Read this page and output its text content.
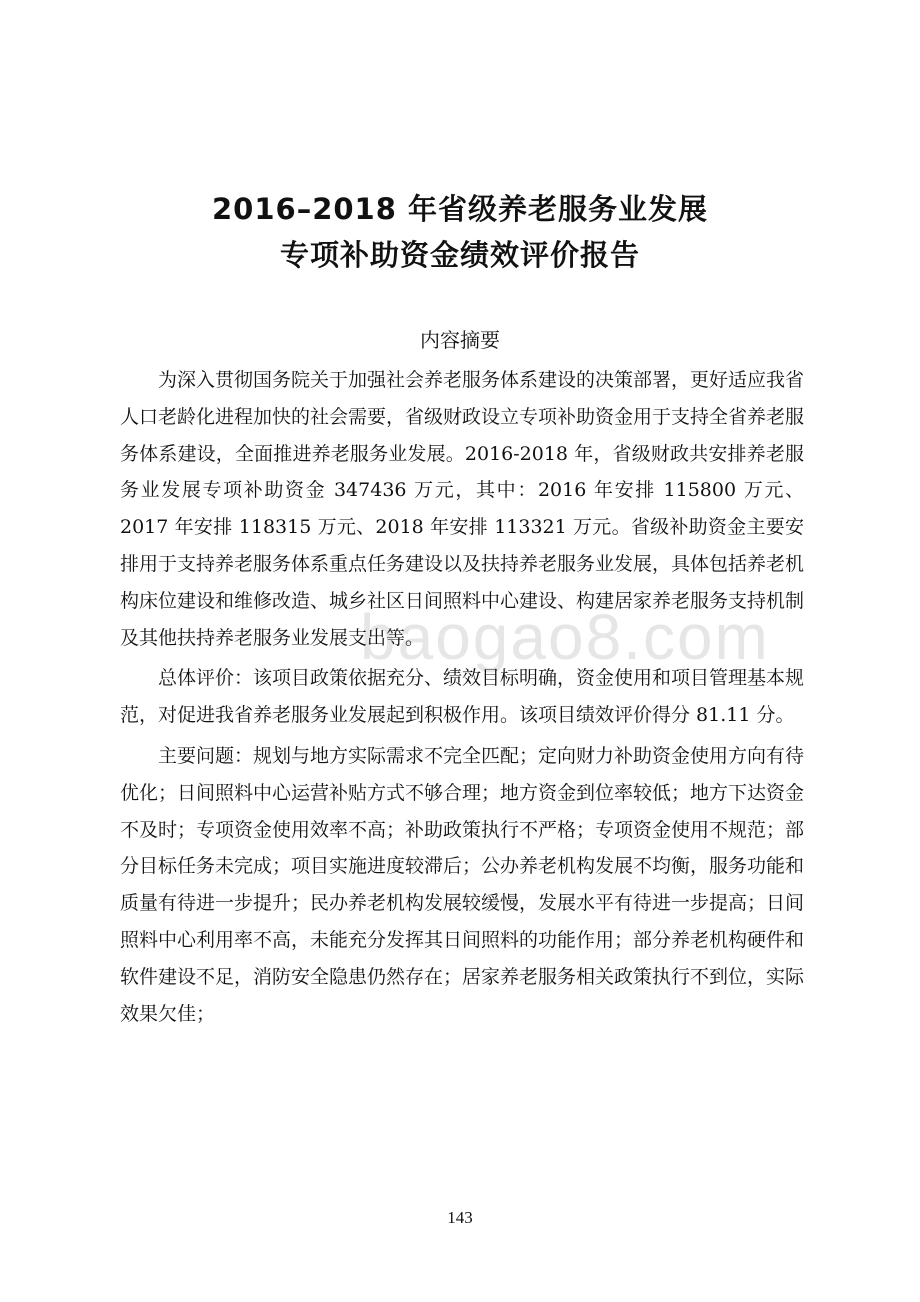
baogao8.com
2016–2018 年省级养老服务业发展
专项补助资金绩效评价报告
内容摘要

为深入贯彻国务院关于加强社会养老服务体系建设的决策部署，更好适应我省人口老龄化进程加快的社会需要，省级财政设立专项补助资金用于支持全省养老服务体系建设，全面推进养老服务业发展。2016-2018 年，省级财政共安排养老服务业发展专项补助资金 347436 万元，其中：2016 年安排 115800 万元、2017 年安排 118315 万元、2018 年安排 113321 万元。省级补助资金主要安排用于支持养老服务体系重点任务建设以及扶持养老服务业发展，具体包括养老机构床位建设和维修改造、城乡社区日间照料中心建设、构建居家养老服务支持机制及其他扶持养老服务业发展支出等。

总体评价：该项目政策依据充分、绩效目标明确，资金使用和项目管理基本规范，对促进我省养老服务业发展起到积极作用。该项目绩效评价得分 81.11 分。

主要问题：规划与地方实际需求不完全匹配；定向财力补助资金使用方向有待优化；日间照料中心运营补贴方式不够合理；地方资金到位率较低；地方下达资金不及时；专项资金使用效率不高；补助政策执行不严格；专项资金使用不规范；部分目标任务未完成；项目实施进度较滞后；公办养老机构发展不均衡，服务功能和质量有待进一步提升；民办养老机构发展较缓慢，发展水平有待进一步提高；日间照料中心利用率不高，未能充分发挥其日间照料的功能作用；部分养老机构硬件和软件建设不足，消防安全隐患仍然存在；居家养老服务相关政策执行不到位，实际效果欠佳；

143
